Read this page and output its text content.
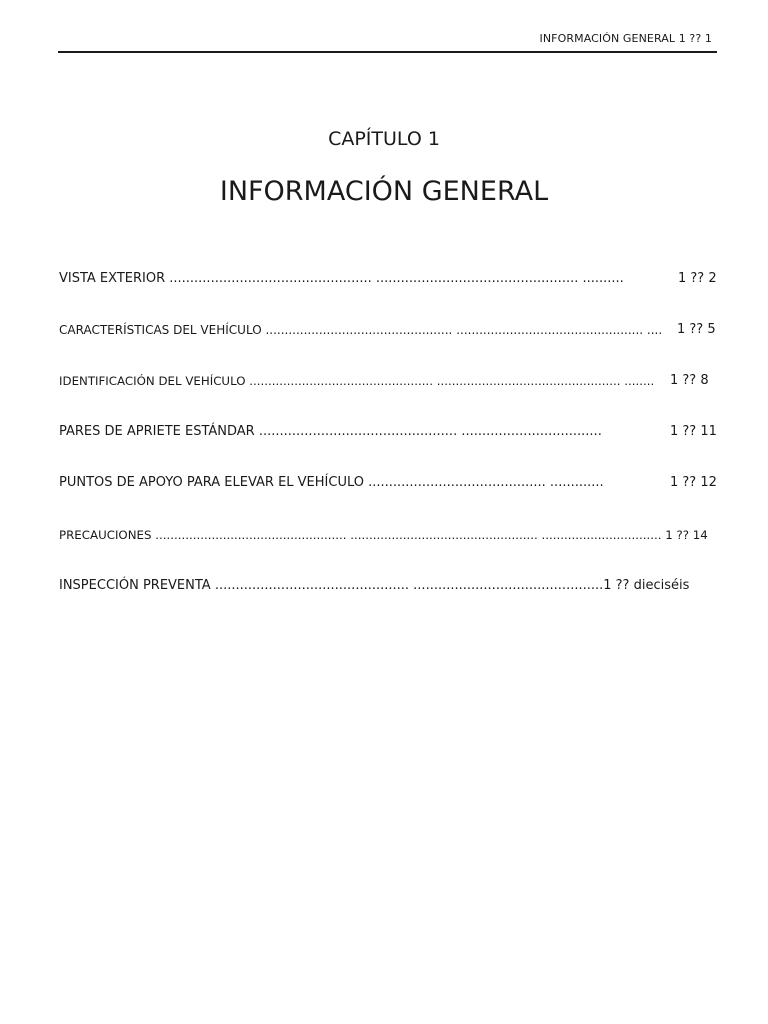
INFORMACIÓN GENERAL 1 ?? 1
CAPÍTULO 1
INFORMACIÓN GENERAL
VISTA EXTERIOR ................................................. ................................................. ..........	1 ?? 2
CARACTERÍSTICAS DEL VEHÍCULO ................................................. ................................................. .... 1 ?? 5
IDENTIFICACIÓN DEL VEHÍCULO ................................................. ................................................. ........ 1 ?? 8
PARES DE APRIETE ESTÁNDAR ................................................ ..................................	1 ?? 11
PUNTOS DE APOYO PARA ELEVAR EL VEHÍCULO ........................................... .............	1 ?? 12
PRECAUCIONES ................................................... .................................................. ................................ 1 ?? 14
INSPECCIÓN PREVENTA ............................................... ..............................................1 ?? dieciséis
